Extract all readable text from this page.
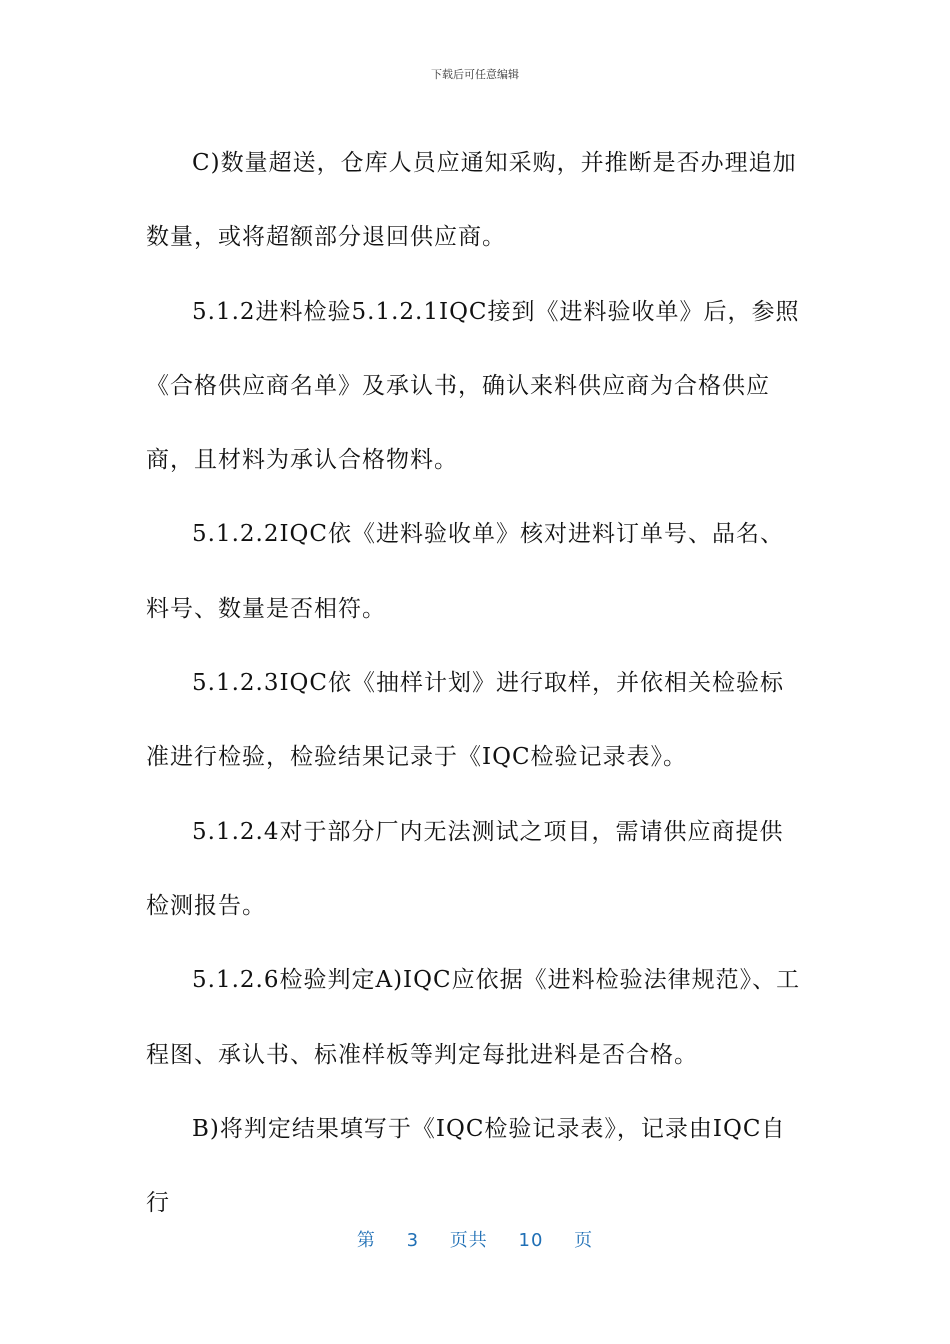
下载后可任意编辑

C)数量超送，仓库人员应通知采购，并推断是否办理追加数量，或将超额部分退回供应商。

5.1.2进料检验5.1.2.1IQC接到《进料验收单》后，参照《合格供应商名单》及承认书，确认来料供应商为合格供应商，且材料为承认合格物料。

5.1.2.2IQC依《进料验收单》核对进料订单号、品名、料号、数量是否相符。

5.1.2.3IQC依《抽样计划》进行取样，并依相关检验标准进行检验，检验结果记录于《IQC检验记录表》。

5.1.2.4对于部分厂内无法测试之项目，需请供应商提供检测报告。

5.1.2.6检验判定A)IQC应依据《进料检验法律规范》、工程图、承认书、标准样板等判定每批进料是否合格。

B)将判定结果填写于《IQC检验记录表》，记录由IQC自行

第 3 页共 10 页
